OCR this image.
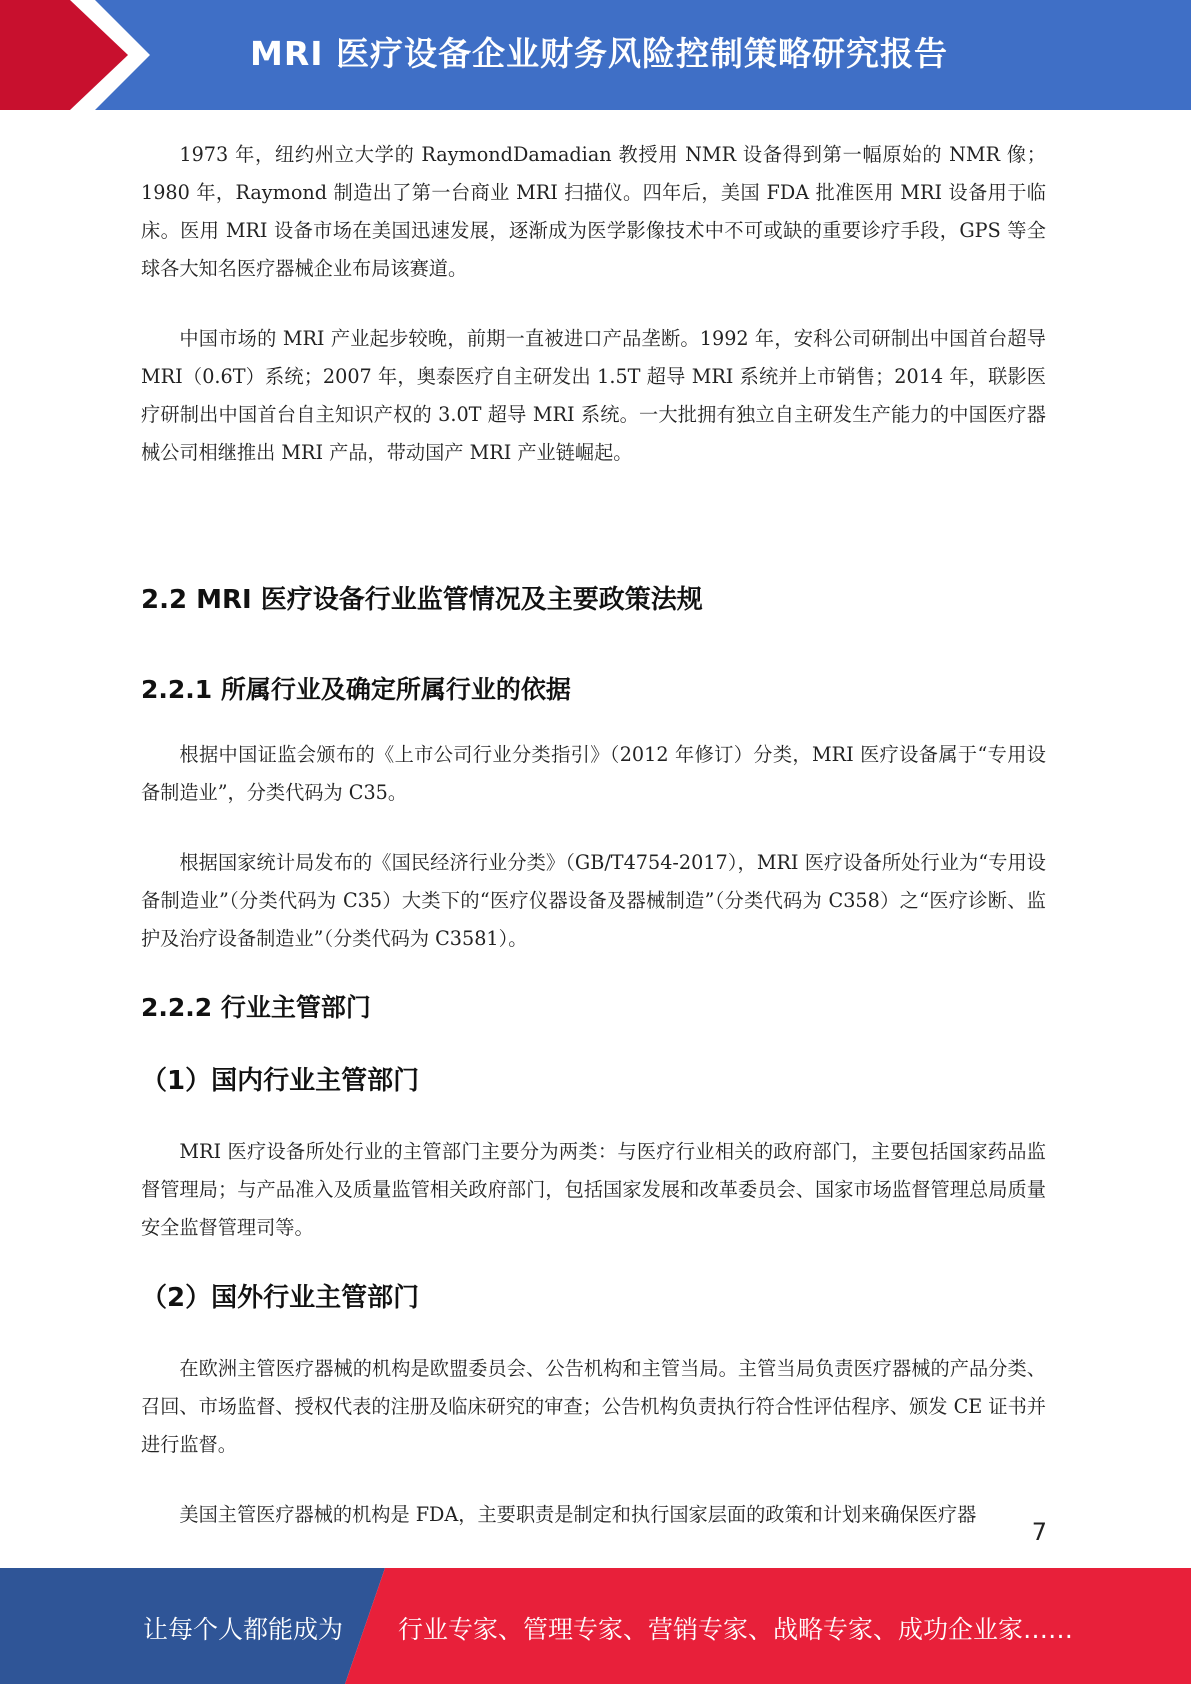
MRI 医疗设备企业财务风险控制策略研究报告

1973 年，纽约州立大学的 RaymondDamadian 教授用 NMR 设备得到第一幅原始的 NMR 像；1980 年，Raymond 制造出了第一台商业 MRI 扫描仪。四年后，美国 FDA 批准医用 MRI 设备用于临床。医用 MRI 设备市场在美国迅速发展，逐渐成为医学影像技术中不可或缺的重要诊疗手段，GPS 等全球各大知名医疗器械企业布局该赛道。

中国市场的 MRI 产业起步较晚，前期一直被进口产品垄断。1992 年，安科公司研制出中国首台超导 MRI（0.6T）系统；2007 年，奥泰医疗自主研发出 1.5T 超导 MRI 系统并上市销售；2014 年，联影医疗研制出中国首台自主知识产权的 3.0T 超导 MRI 系统。一大批拥有独立自主研发生产能力的中国医疗器械公司相继推出 MRI 产品，带动国产 MRI 产业链崛起。

2.2 MRI 医疗设备行业监管情况及主要政策法规
2.2.1 所属行业及确定所属行业的依据

根据中国证监会颁布的《上市公司行业分类指引》（2012 年修订）分类，MRI 医疗设备属于“专用设备制造业”，分类代码为 C35。

根据国家统计局发布的《国民经济行业分类》（GB/T4754-2017），MRI 医疗设备所处行业为“专用设备制造业”（分类代码为 C35）大类下的“医疗仪器设备及器械制造”（分类代码为 C358）之“医疗诊断、监护及治疗设备制造业”（分类代码为 C3581）。

2.2.2 行业主管部门
（1）国内行业主管部门

MRI 医疗设备所处行业的主管部门主要分为两类：与医疗行业相关的政府部门，主要包括国家药品监督管理局；与产品准入及质量监管相关政府部门，包括国家发展和改革委员会、国家市场监督管理总局质量安全监督管理司等。

（2）国外行业主管部门

在欧洲主管医疗器械的机构是欧盟委员会、公告机构和主管当局。主管当局负责医疗器械的产品分类、召回、市场监督、授权代表的注册及临床研究的审查；公告机构负责执行符合性评估程序、颁发 CE 证书并进行监督。

美国主管医疗器械的机构是 FDA，主要职责是制定和执行国家层面的政策和计划来确保医疗器

7
让每个人都能成为 行业专家、管理专家、营销专家、战略专家、成功企业家……
